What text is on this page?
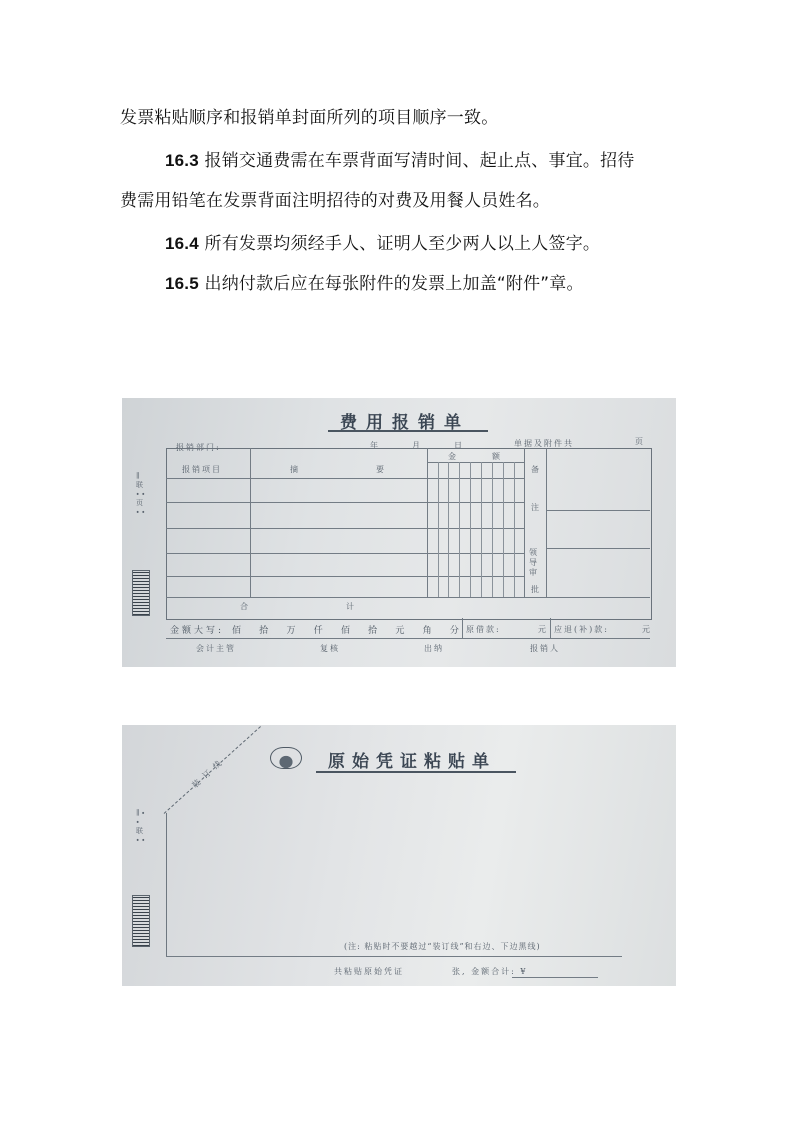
发票粘贴顺序和报销单封面所列的项目顺序一致。
16.3 报销交通费需在车票背面写清时间、起止点、事宜。招待
费需用铅笔在发票背面注明招待的对费及用餐人员姓名。
16.4 所有发票均须经手人、证明人至少两人以上人签字。
16.5 出纳付款后应在每张附件的发票上加盖“附件”章。
费用报销单
报销部门:	年	月	日	单据及附件共	页
∥ 联 ∙ ∙ 页 ∙ ∙
报销项目	摘	要
金	额
备
注
领导审
批
合	计
金额大写: 佰 拾 万 仟 佰 拾 元 角 分 原借款:	元 应退(补)款:	元
会计主管	复核	出纳	报销人
原始凭证粘贴单
装订线
∥ ∙ ∙ 联 ∙ ∙
(注: 粘贴时不要越过“装订线”和右边、下边黑线)
共粘贴原始凭证	张, 金额合计: ¥
